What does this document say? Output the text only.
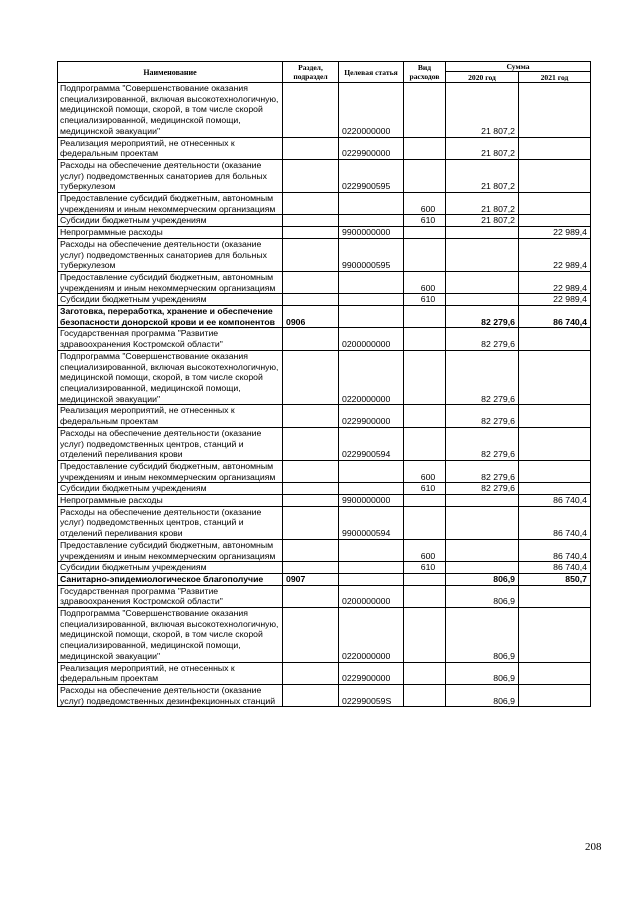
Наименование	Раздел, подраздел	Целевая статья	Вид расходов	Сумма	
				2020 год	2021 год
Подпрограмма "Совершенствование оказания специализированной, включая высокотехнологичную, медицинской помощи, скорой, в том числе скорой специализированной, медицинской помощи, медицинской эвакуации"		0220000000		21 807,2	
Реализация мероприятий, не отнесенных к федеральным проектам		0229900000		21 807,2	
Расходы на обеспечение деятельности (оказание услуг) подведомственных санаториев для больных туберкулезом		0229900595		21 807,2	
Предоставление субсидий бюджетным, автономным учреждениям и иным некоммерческим организациям			600	21 807,2	
Субсидии бюджетным учреждениям			610	21 807,2	
Непрограммные расходы		9900000000			22 989,4
Расходы на обеспечение деятельности (оказание услуг) подведомственных санаториев для больных туберкулезом		9900000595			22 989,4
Предоставление субсидий бюджетным, автономным учреждениям и иным некоммерческим организациям			600		22 989,4
Субсидии бюджетным учреждениям			610		22 989,4
Заготовка, переработка, хранение и обеспечение безопасности донорской крови и ее компонентов	0906			82 279,6	86 740,4
Государственная программа "Развитие здравоохранения Костромской области"		0200000000		82 279,6	
Подпрограмма "Совершенствование оказания специализированной, включая высокотехнологичную, медицинской помощи, скорой, в том числе скорой специализированной, медицинской помощи, медицинской эвакуации"		0220000000		82 279,6	
Реализация мероприятий, не отнесенных к федеральным проектам		0229900000		82 279,6	
Расходы на обеспечение деятельности (оказание услуг) подведомственных центров, станций и отделений переливания крови		0229900594		82 279,6	
Предоставление субсидий бюджетным, автономным учреждениям и иным некоммерческим организациям			600	82 279,6	
Субсидии бюджетным учреждениям			610	82 279,6	
Непрограммные расходы		9900000000			86 740,4
Расходы на обеспечение деятельности (оказание услуг) подведомственных центров, станций и отделений переливания крови		9900000594			86 740,4
Предоставление субсидий бюджетным, автономным учреждениям и иным некоммерческим организациям			600		86 740,4
Субсидии бюджетным учреждениям			610		86 740,4
Санитарно-эпидемиологическое благополучие	0907			806,9	850,7
Государственная программа "Развитие здравоохранения Костромской области"		0200000000		806,9	
Подпрограмма "Совершенствование оказания специализированной, включая высокотехнологичную, медицинской помощи, скорой, в том числе скорой специализированной, медицинской помощи, медицинской эвакуации"		0220000000		806,9	
Реализация мероприятий, не отнесенных к федеральным проектам		0229900000		806,9	
Расходы на обеспечение деятельности (оказание услуг) подведомственных дезинфекционных станций		022990059S		806,9	
208
